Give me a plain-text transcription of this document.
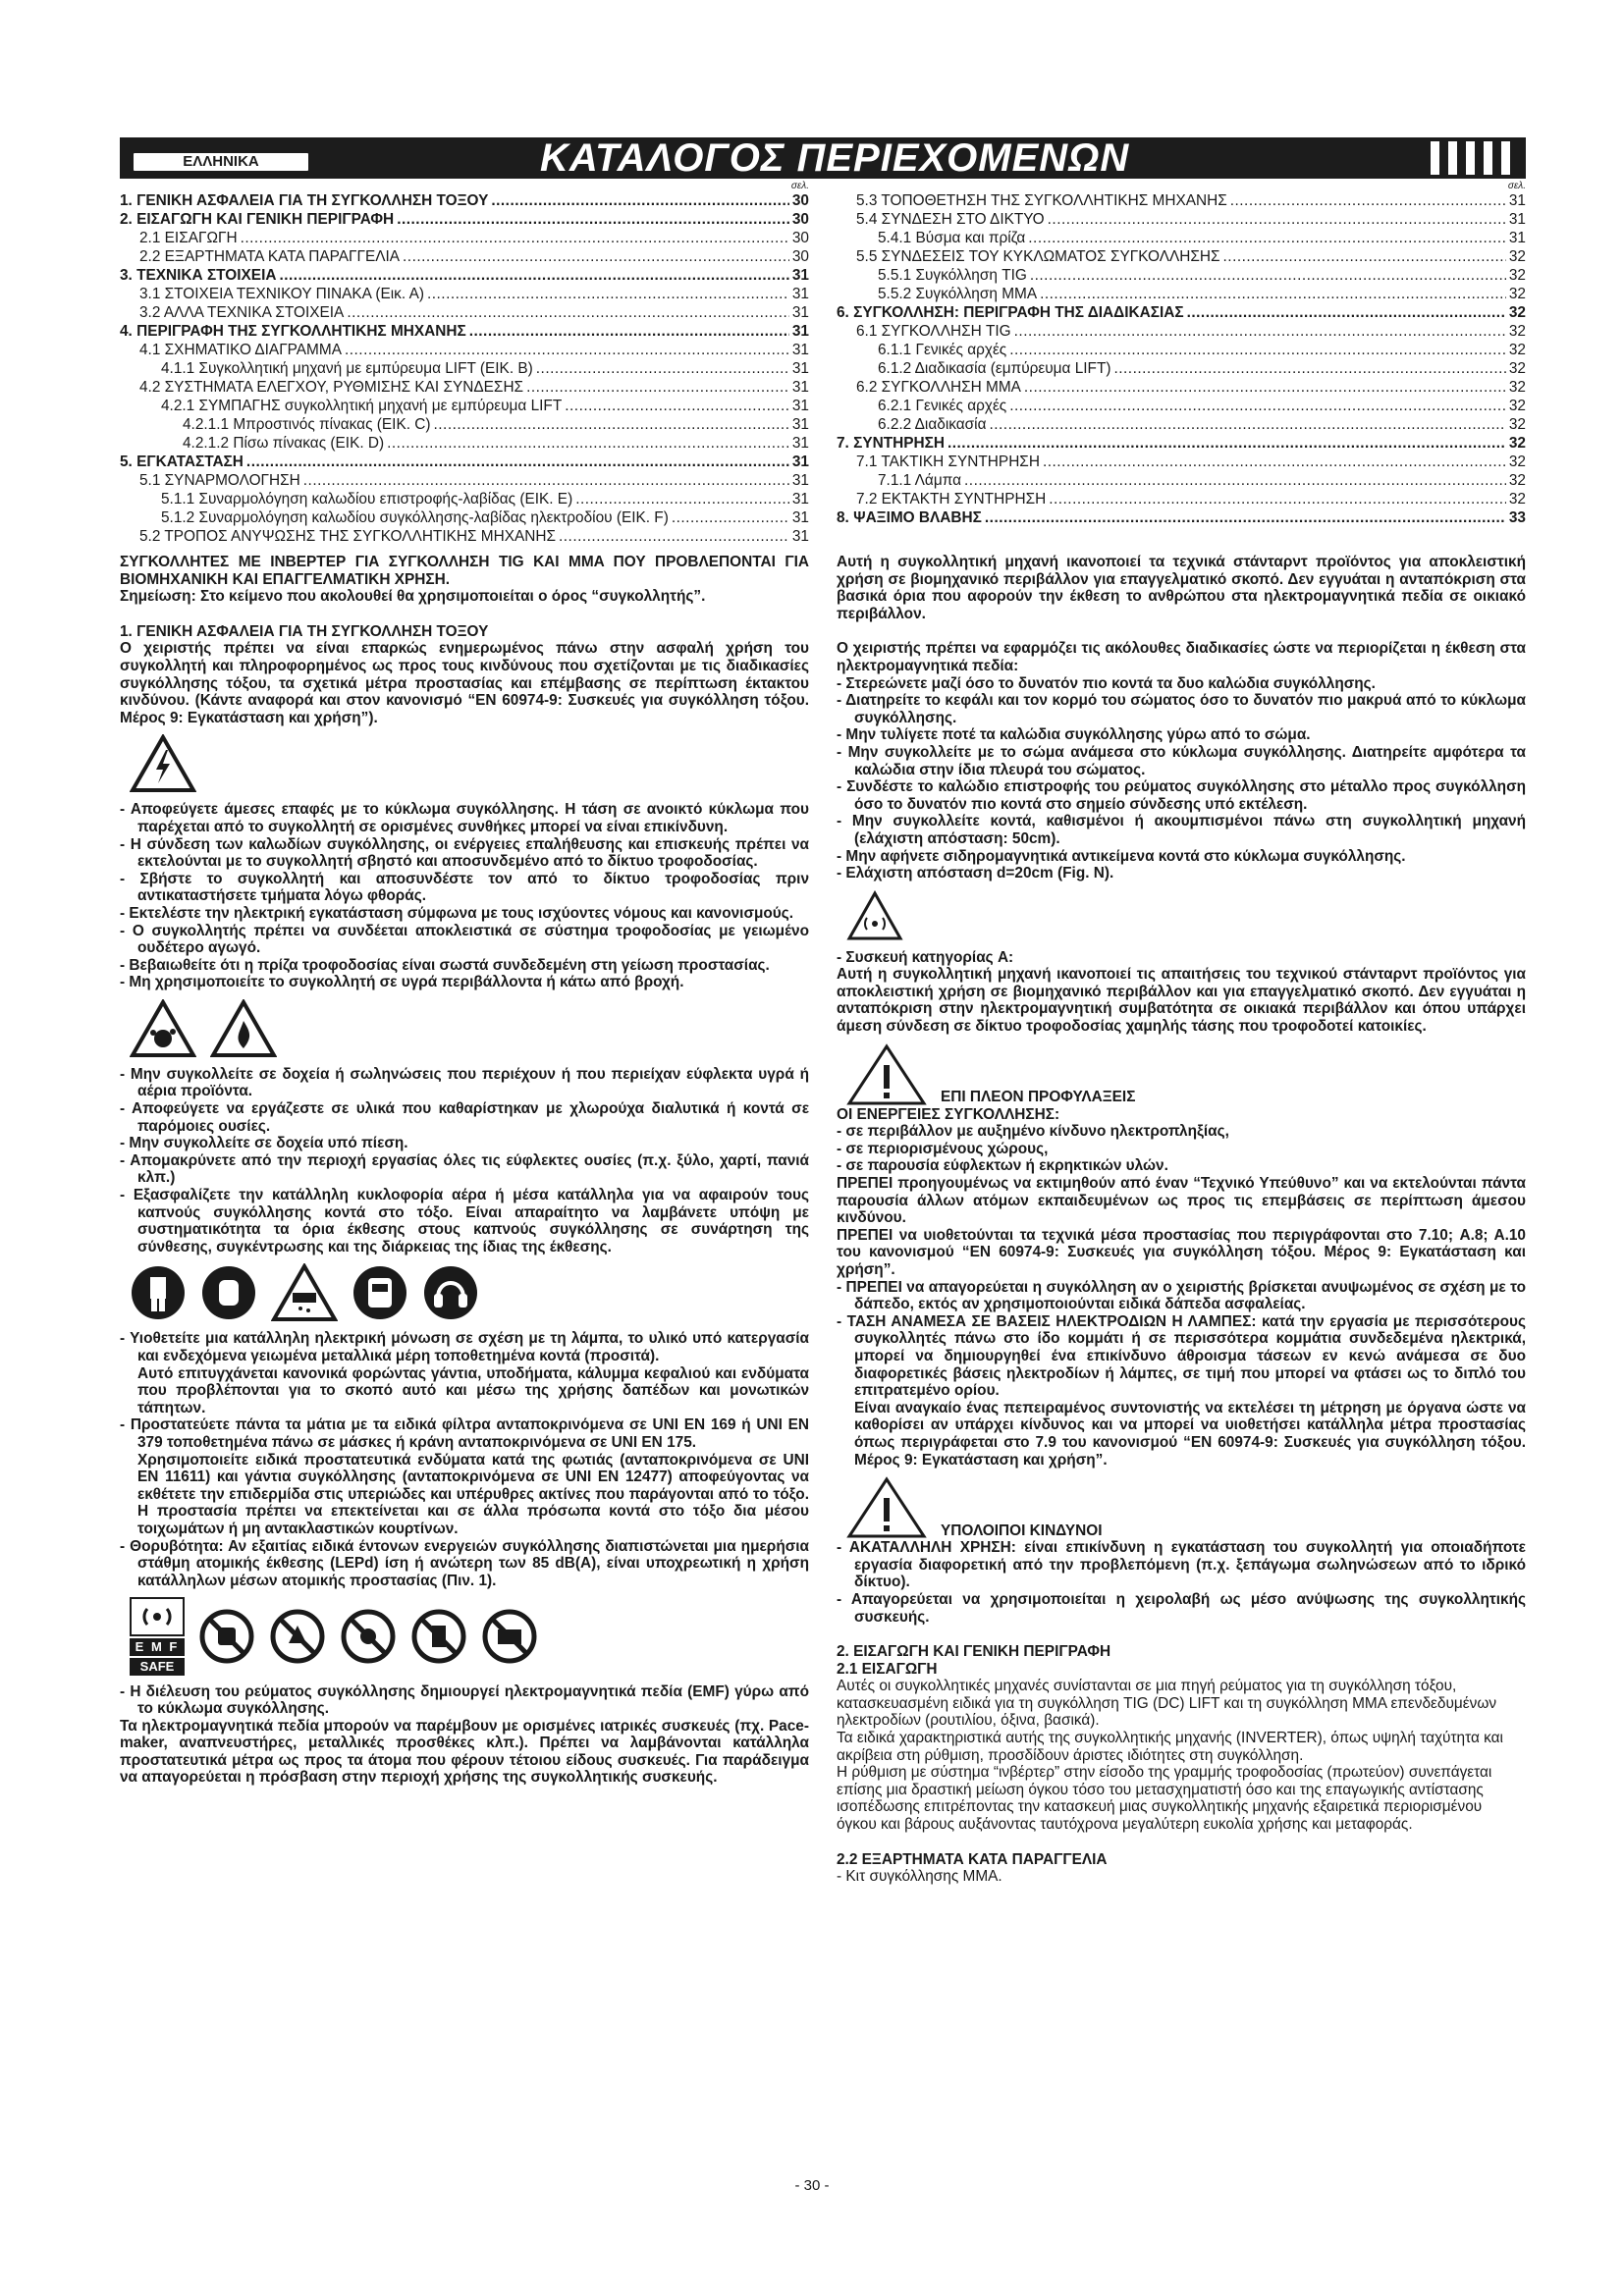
ΕΛΛΗΝΙΚΑ	ΚΑΤΑΛΟΓΟΣ ΠΕΡΙΕΧΟΜΕΝΩΝ
σελ.
1. ΓΕΝΙΚΗ ΑΣΦΑΛΕΙΑ ΓΙΑ ΤΗ ΣΥΓΚΟΛΛΗΣΗ ΤΟΞΟΥ .....	30
2. ΕΙΣΑΓΩΓΗ ΚΑΙ ΓΕΝΙΚΗ ΠΕΡΙΓΡΑΦΗ .....	30
2.1 ΕΙΣΑΓΩΓΗ .....	30
2.2 ΕΞΑΡΤΗΜΑΤΑ ΚΑΤΑ ΠΑΡΑΓΓΕΛΙΑ .....	30
3. ΤΕΧΝΙΚΑ ΣΤΟΙΧΕΙΑ .....	31
3.1 ΣΤΟΙΧΕΙΑ ΤΕΧΝΙΚΟΥ ΠΙΝΑΚΑ (Εικ. Α) .....	31
3.2 ΑΛΛΑ ΤΕΧΝΙΚΑ ΣΤΟΙΧΕΙΑ .....	31
4. ΠΕΡΙΓΡΑΦΗ ΤΗΣ ΣΥΓΚΟΛΛΗΤΙΚΗΣ ΜΗΧΑΝΗΣ .....	31
4.1 ΣΧΗΜΑΤΙΚΟ ΔΙΑΓΡΑΜΜΑ .....	31
4.1.1 Συγκολλητική μηχανή με εμπύρευμα LIFT (ΕΙΚ. Β) .....	31
4.2 ΣΥΣΤΗΜΑΤΑ ΕΛΕΓΧΟΥ, ΡΥΘΜΙΣΗΣ ΚΑΙ ΣΥΝΔΕΣΗΣ .....	31
4.2.1 ΣΥΜΠΑΓΗΣ συγκολλητική μηχανή με εμπύρευμα LIFT .....	31
4.2.1.1 Μπροστινός πίνακας (ΕΙΚ. C) .....	31
4.2.1.2 Πίσω πίνακας (ΕΙΚ. D) .....	31
5. ΕΓΚΑΤΑΣΤΑΣΗ .....	31
5.1 ΣΥΝΑΡΜΟΛΟΓΗΣΗ .....	31
5.1.1 Συναρμολόγηση καλωδίου επιστροφής-λαβίδας (ΕΙΚ. Ε) .....	31
5.1.2 Συναρμολόγηση καλωδίου συγκόλλησης-λαβίδας ηλεκτροδίου (ΕΙΚ. F) .....	31
5.2 ΤΡΟΠΟΣ ΑΝΥΨΩΣΗΣ ΤΗΣ ΣΥΓΚΟΛΛΗΤΙΚΗΣ ΜΗΧΑΝΗΣ .....	31
σελ.
5.3 ΤΟΠΟΘΕΤΗΣΗ ΤΗΣ ΣΥΓΚΟΛΛΗΤΙΚΗΣ ΜΗΧΑΝΗΣ .....	31
5.4 ΣΥΝΔΕΣΗ ΣΤΟ ΔΙΚΤΥΟ .....	31
5.4.1 Βύσμα και πρίζα .....	31
5.5 ΣΥΝΔΕΣΕΙΣ ΤΟΥ ΚΥΚΛΩΜΑΤΟΣ ΣΥΓΚΟΛΛΗΣΗΣ .....	32
5.5.1 Συγκόλληση TIG .....	32
5.5.2 Συγκόλληση MMA .....	32
6. ΣΥΓΚΟΛΛΗΣΗ: ΠΕΡΙΓΡΑΦΗ ΤΗΣ ΔΙΑΔΙΚΑΣΙΑΣ .....	32
6.1 ΣΥΓΚΟΛΛΗΣΗ TIG .....	32
6.1.1 Γενικές αρχές .....	32
6.1.2 Διαδικασία (εμπύρευμα LIFT) .....	32
6.2 ΣΥΓΚΟΛΛΗΣΗ MMA .....	32
6.2.1 Γενικές αρχές .....	32
6.2.2 Διαδικασία .....	32
7. ΣΥΝΤΗΡΗΣΗ .....	32
7.1 ΤΑΚΤΙΚΗ ΣΥΝΤΗΡΗΣΗ .....	32
7.1.1 Λάμπα .....	32
7.2 ΕΚΤΑΚΤΗ ΣΥΝΤΗΡΗΣΗ .....	32
8. ΨΑΞΙΜΟ ΒΛΑΒΗΣ .....	33

ΣΥΓΚΟΛΛΗΤΕΣ ΜΕ ΙΝΒΕΡΤΕΡ ΓΙΑ ΣΥΓΚΟΛΛΗΣΗ TIG ΚΑΙ MMA ΠΟΥ ΠΡΟΒΛΕΠΟΝΤΑΙ ΓΙΑ ΒΙΟΜΗΧΑΝΙΚΗ ΚΑΙ ΕΠΑΓΓΕΛΜΑΤΙΚΗ ΧΡΗΣΗ.

Σημείωση: Στο κείμενο που ακολουθεί θα χρησιμοποιείται ο όρος “συγκολλητής”.

1. ΓΕΝΙΚΗ ΑΣΦΑΛΕΙΑ ΓΙΑ ΤΗ ΣΥΓΚΟΛΛΗΣΗ ΤΟΞΟΥ

Ο χειριστής πρέπει να είναι επαρκώς ενημερωμένος πάνω στην ασφαλή χρήση του συγκολλητή και πληροφορημένος ως προς τους κινδύνους που σχετίζονται με τις διαδικασίες συγκόλλησης τόξου, τα σχετικά μέτρα προστασίας και επέμβασης σε περίπτωση έκτακτου κινδύνου. (Κάντε αναφορά και στον κανονισμό “EN 60974-9: Συσκευές για συγκόλληση τόξου. Μέρος 9: Εγκατάσταση και χρήση”).

- Αποφεύγετε άμεσες επαφές με το κύκλωμα συγκόλλησης. Η τάση σε ανοικτό κύκλωμα που παρέχεται από το συγκολλητή σε ορισμένες συνθήκες μπορεί να είναι επικίνδυνη.

- Η σύνδεση των καλωδίων συγκόλλησης, οι ενέργειες επαλήθευσης και επισκευής πρέπει να εκτελούνται με το συγκολλητή σβηστό και αποσυνδεμένο από το δίκτυο τροφοδοσίας.

- Σβήστε το συγκολλητή και αποσυνδέστε τον από το δίκτυο τροφοδοσίας πριν αντικαταστήσετε τμήματα λόγω φθοράς.

- Εκτελέστε την ηλεκτρική εγκατάσταση σύμφωνα με τους ισχύοντες νόμους και κανονισμούς.

- Ο συγκολλητής πρέπει να συνδέεται αποκλειστικά σε σύστημα τροφοδοσίας με γειωμένο ουδέτερο αγωγό.

- Βεβαιωθείτε ότι η πρίζα τροφοδοσίας είναι σωστά συνδεδεμένη στη γείωση προστασίας.

- Μη χρησιμοποιείτε το συγκολλητή σε υγρά περιβάλλοντα ή κάτω από βροχή.

- Μην συγκολλείτε σε δοχεία ή σωληνώσεις που περιέχουν ή που περιείχαν εύφλεκτα υγρά ή αέρια προϊόντα.

- Αποφεύγετε να εργάζεστε σε υλικά που καθαρίστηκαν με χλωρούχα διαλυτικά ή κοντά σε παρόμοιες ουσίες.

- Μην συγκολλείτε σε δοχεία υπό πίεση.

- Απομακρύνετε από την περιοχή εργασίας όλες τις εύφλεκτες ουσίες (π.χ. ξύλο, χαρτί, πανιά κλπ.)

- Εξασφαλίζετε την κατάλληλη κυκλοφορία αέρα ή μέσα κατάλληλα για να αφαιρούν τους καπνούς συγκόλλησης κοντά στο τόξο. Είναι απαραίτητο να λαμβάνετε υπόψη με συστηματικότητα τα όρια έκθεσης στους καπνούς συγκόλλησης σε συνάρτηση της σύνθεσης, συγκέντρωσης και της διάρκειας της ίδιας της έκθεσης.

- Υιοθετείτε μια κατάλληλη ηλεκτρική μόνωση σε σχέση με τη λάμπα, το υλικό υπό κατεργασία και ενδεχόμενα γειωμένα μεταλλικά μέρη τοποθετημένα κοντά (προσιτά).

Αυτό επιτυγχάνεται κανονικά φορώντας γάντια, υποδήματα, κάλυμμα κεφαλιού και ενδύματα που προβλέπονται για το σκοπό αυτό και μέσω της χρήσης δαπέδων και μονωτικών τάπητων.

- Προστατεύετε πάντα τα μάτια με τα ειδικά φίλτρα ανταποκρινόμενα σε UNI EN 169 ή UNI EN 379 τοποθετημένα πάνω σε μάσκες ή κράνη ανταποκρινόμενα σε UNI EN 175.

Χρησιμοποιείτε ειδικά προστατευτικά ενδύματα κατά της φωτιάς (ανταποκρινόμενα σε UNI EN 11611) και γάντια συγκόλλησης (ανταποκρινόμενα σε UNI EN 12477) αποφεύγοντας να εκθέτετε την επιδερμίδα στις υπεριώδες και υπέρυθρες ακτίνες που παράγονται από το τόξο. Η προστασία πρέπει να επεκτείνεται και σε άλλα πρόσωπα κοντά στο τόξο δια μέσου τοιχωμάτων ή μη αντακλαστικών κουρτίνων.

- Θορυβότητα: Αν εξαιτίας ειδικά έντονων ενεργειών συγκόλλησης διαπιστώνεται μια ημερήσια στάθμη ατομικής έκθεσης (LEPd) ίση ή ανώτερη των 85 dB(A), είναι υποχρεωτική η χρήση κατάλληλων μέσων ατομικής προστασίας (Πιν. 1).

E M F
SAFE

- Η διέλευση του ρεύματος συγκόλλησης δημιουργεί ηλεκτρομαγνητικά πεδία (EMF) γύρω από το κύκλωμα συγκόλλησης.

Τα ηλεκτρομαγνητικά πεδία μπορούν να παρέμβουν με ορισμένες ιατρικές συσκευές (πχ. Pace-maker, αναπνευστήρες, μεταλλικές προσθέκες κλπ.). Πρέπει να λαμβάνονται κατάλληλα προστατευτικά μέτρα ως προς τα άτομα που φέρουν τέτοιου είδους συσκευές. Για παράδειγμα να απαγορεύεται η πρόσβαση στην περιοχή χρήσης της συγκολλητικής συσκευής.

Αυτή η συγκολλητική μηχανή ικανοποιεί τα τεχνικά στάνταρντ προϊόντος για αποκλειστική χρήση σε βιομηχανικό περιβάλλον για επαγγελματικό σκοπό. Δεν εγγυάται η ανταπόκριση στα βασικά όρια που αφορούν την έκθεση το ανθρώπου στα ηλεκτρομαγνητικά πεδία σε οικιακό περιβάλλον.

Ο χειριστής πρέπει να εφαρμόζει τις ακόλουθες διαδικασίες ώστε να περιορίζεται η έκθεση στα ηλεκτρομαγνητικά πεδία:

- Στερεώνετε μαζί όσο το δυνατόν πιο κοντά τα δυο καλώδια συγκόλλησης.

- Διατηρείτε το κεφάλι και τον κορμό του σώματος όσο το δυνατόν πιο μακρυά από το κύκλωμα συγκόλλησης.

- Μην τυλίγετε ποτέ τα καλώδια συγκόλλησης γύρω από το σώμα.

- Μην συγκολλείτε με το σώμα ανάμεσα στο κύκλωμα συγκόλλησης. Διατηρείτε αμφότερα τα καλώδια στην ίδια πλευρά του σώματος.

- Συνδέστε το καλώδιο επιστροφής του ρεύματος συγκόλλησης στο μέταλλο προς συγκόλληση όσο το δυνατόν πιο κοντά στο σημείο σύνδεσης υπό εκτέλεση.

- Μην συγκολλείτε κοντά, καθισμένοι ή ακουμπισμένοι πάνω στη συγκολλητική μηχανή (ελάχιστη απόσταση: 50cm).

- Μην αφήνετε σιδηρομαγνητικά αντικείμενα κοντά στο κύκλωμα συγκόλλησης.

- Ελάχιστη απόσταση d=20cm (Fig. N).

- Συσκευή κατηγορίας A:

Αυτή η συγκολλητική μηχανή ικανοποιεί τις απαιτήσεις του τεχνικού στάνταρντ προϊόντος για αποκλειστική χρήση σε βιομηχανικό περιβάλλον και για επαγγελματικό σκοπό. Δεν εγγυάται η ανταπόκριση στην ηλεκτρομαγνητική συμβατότητα σε οικιακά περιβάλλον και όπου υπάρχει άμεση σύνδεση σε δίκτυο τροφοδοσίας χαμηλής τάσης που τροφοδοτεί κατοικίες.

ΕΠΙ ΠΛΕΟΝ ΠΡΟΦΥΛΑΞΕΙΣ

ΟΙ ΕΝΕΡΓΕΙΕΣ ΣΥΓΚΟΛΛΗΣΗΣ:

- σε περιβάλλον με αυξημένο κίνδυνο ηλεκτροπληξίας,

- σε περιορισμένους χώρους,

- σε παρουσία εύφλεκτων ή εκρηκτικών υλών.

ΠΡΕΠΕΙ προηγουμένως να εκτιμηθούν από έναν “Τεχνικό Υπεύθυνο” και να εκτελούνται πάντα παρουσία άλλων ατόμων εκπαιδευμένων ως προς τις επεμβάσεις σε περίπτωση άμεσου κινδύνου.

ΠΡΕΠΕΙ να υιοθετούνται τα τεχνικά μέσα προστασίας που περιγράφονται στο 7.10; A.8; A.10 του κανονισμού “EN 60974-9: Συσκευές για συγκόλληση τόξου. Μέρος 9: Εγκατάσταση και χρήση”.

- ΠΡΕΠΕΙ να απαγορεύεται η συγκόλληση αν ο χειριστής βρίσκεται ανυψωμένος σε σχέση με το δάπεδο, εκτός αν χρησιμοποιούνται ειδικά δάπεδα ασφαλείας.

- ΤΑΣΗ ΑΝΑΜΕΣΑ ΣΕ ΒΑΣΕΙΣ ΗΛΕΚΤΡΟΔΙΩΝ Η ΛΑΜΠΕΣ: κατά την εργασία με περισσότερους συγκολλητές πάνω στο ίδο κομμάτι ή σε περισσότερα κομμάτια συνδεδεμένα ηλεκτρικά, μπορεί να δημιουργηθεί ένα επικίνδυνο άθροισμα τάσεων εν κενώ ανάμεσα σε δυο διαφορετικές βάσεις ηλεκτροδίων ή λάμπες, σε τιμή που μπορεί να φτάσει ως το διπλό του επιτρατεμένο ορίου.

Είναι αναγκαίο ένας πεπειραμένος συντονιστής να εκτελέσει τη μέτρηση με όργανα ώστε να καθορίσει αν υπάρχει κίνδυνος και να μπορεί να υιοθετήσει κατάλληλα μέτρα προστασίας όπως περιγράφεται στο 7.9 του κανονισμού “EN 60974-9: Συσκευές για συγκόλληση τόξου. Μέρος 9: Εγκατάσταση και χρήση”.

ΥΠΟΛΟΙΠΟΙ ΚΙΝΔΥΝΟΙ

- ΑΚΑΤΑΛΛΗΛΗ ΧΡΗΣΗ: είναι επικίνδυνη η εγκατάσταση του συγκολλητή για οποιαδήποτε εργασία διαφορετική από την προβλεπόμενη (π.χ. ξεπάγωμα σωληνώσεων από το ιδρικό δίκτυο).

- Απαγορεύεται να χρησιμοποιείται η χειρολαβή ως μέσο ανύψωσης της συγκολλητικής συσκευής.

2. ΕΙΣΑΓΩΓΗ ΚΑΙ ΓΕΝΙΚΗ ΠΕΡΙΓΡΑΦΗ

2.1 ΕΙΣΑΓΩΓΗ

Αυτές οι συγκολλητικές μηχανές συνίστανται σε μια πηγή ρεύματος για τη συγκόλληση τόξου, κατασκευασμένη ειδικά για τη συγκόλληση TIG (DC) LIFT και τη συγκόλληση MMA επενδεδυμένων ηλεκτροδίων (ρουτιλίου, όξινα, βασικά).

Τα ειδικά χαρακτηριστικά αυτής της συγκολλητικής μηχανής (INVERTER), όπως υψηλή ταχύτητα και ακρίβεια στη ρύθμιση, προσδίδουν άριστες ιδιότητες στη συγκόλληση.

Η ρύθμιση με σύστημα “ινβέρτερ” στην είσοδο της γραμμής τροφοδοσίας (πρωτεύον) συνεπάγεται επίσης μια δραστική μείωση όγκου τόσο του μετασχηματιστή όσο και της επαγωγικής αντίστασης ισοπέδωσης επιτρέποντας την κατασκευή μιας συγκολλητικής μηχανής εξαιρετικά περιορισμένου όγκου και βάρους αυξάνοντας ταυτόχρονα μεγαλύτερη ευκολία χρήσης και μεταφοράς.

2.2 ΕΞΑΡΤΗΜΑΤΑ ΚΑΤΑ ΠΑΡΑΓΓΕΛΙΑ

- Κιτ συγκόλλησης MMA.

- 30 -
